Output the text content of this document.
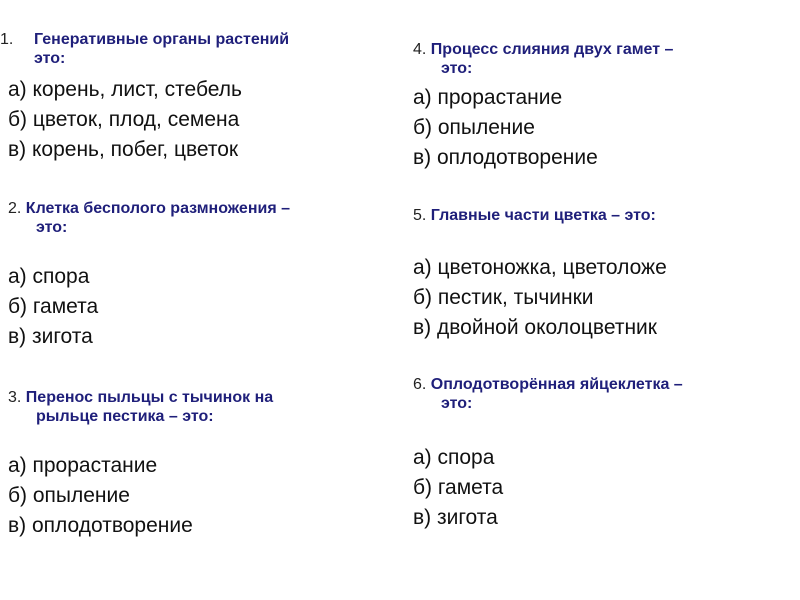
1. Генеративные органы растений
это:
а) корень, лист, стебель
б) цветок, плод, семена
в) корень, побег, цветок
2. Клетка бесполого размножения –
это:
а) спора
б) гамета
в) зигота
3. Перенос пыльцы с тычинок на
рыльце пестика – это:
а) прорастание
б) опыление
в) оплодотворение
4. Процесс слияния двух гамет –
это:
а) прорастание
б) опыление
в) оплодотворение
5. Главные части цветка – это:
а) цветоножка, цветоложе
б) пестик, тычинки
в) двойной околоцветник
6. Оплодотворённая яйцеклетка –
это:
а) спора
б) гамета
в) зигота
